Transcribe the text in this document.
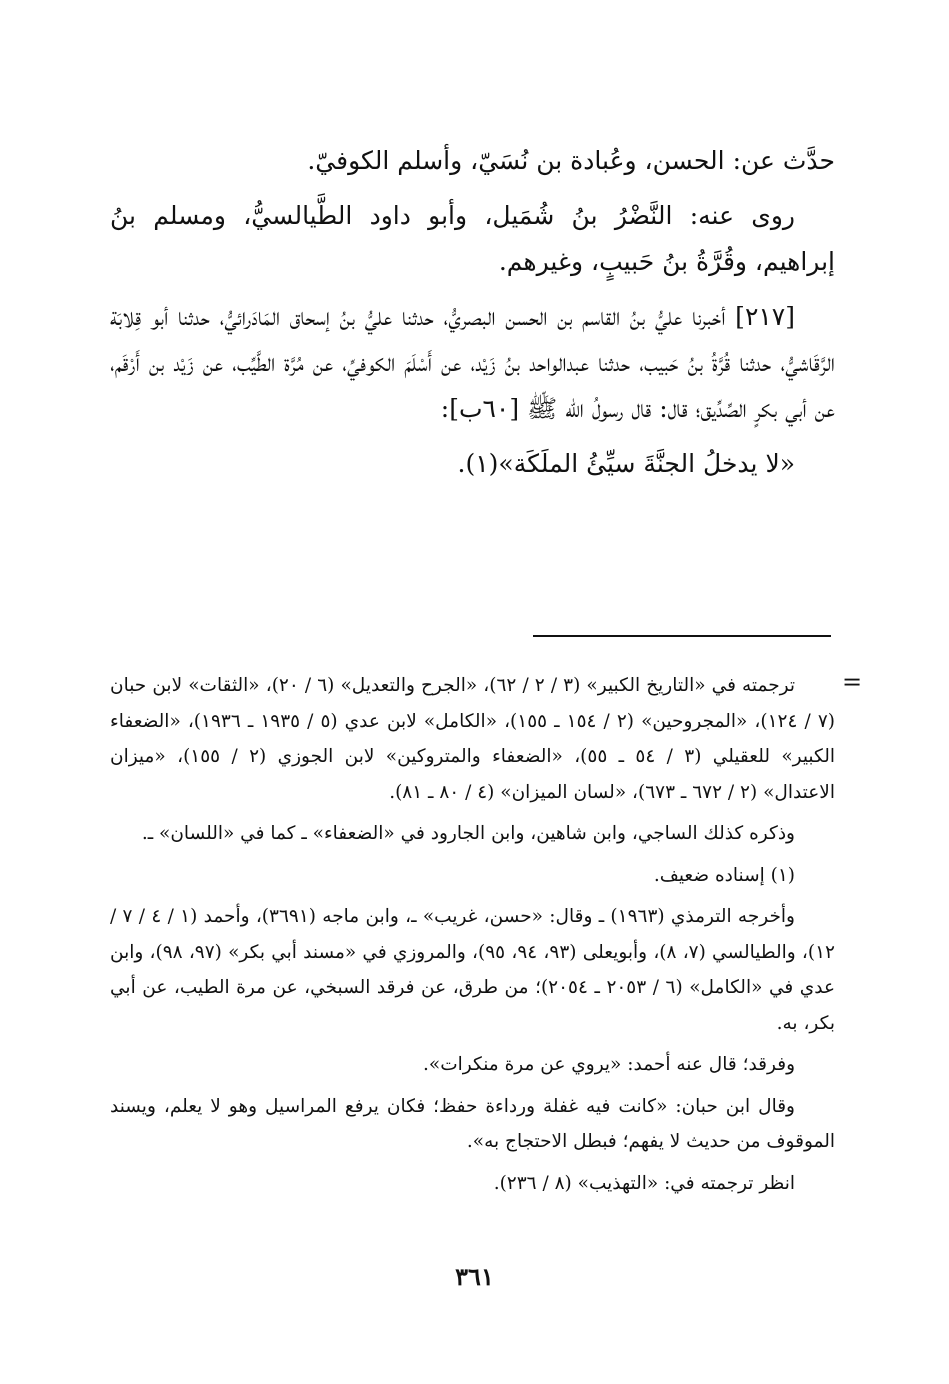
حدَّث عن: الحسن، وعُبادة بن نُسَيّ، وأسلم الكوفيّ.

روى عنه: النَّضْرُ بنُ شُمَيل، وأبو داود الطَّيالسيُّ، ومسلم بنُ إبراهيم، وقُرَّةُ بنُ حَبيبٍ، وغيرهم.

[٢١٧] أخبرنا عليُّ بنُ القاسم بن الحسن البصريُّ، حدثنا عليُّ بنُ إسحاق المَادَرائيُّ، حدثنا أبو قِلابَة الرَّقَاشيُّ، حدثنا قُرَّةُ بنُ حَبيب، حدثنا عبدالواحد بنُ زَيْد، عن أَسْلَمَ الكوفيِّ، عن مُرَّة الطَّيِّب، عن زَيْد بن أَرْقَم، عن أبي بكرٍ الصِّدِّيق؛ قال: قال رسولُ الله ﷺ [٦٠ب]:

«لا يدخلُ الجنَّةَ سيِّئُ الملَكَة»(١).

=

ترجمته في «التاريخ الكبير» (٣ / ٢ / ٦٢)، «الجرح والتعديل» (٦ / ٢٠)، «الثقات» لابن حبان (٧ / ١٢٤)، «المجروحين» (٢ / ١٥٤ ـ ١٥٥)، «الكامل» لابن عدي (٥ / ١٩٣٥ ـ ١٩٣٦)، «الضعفاء الكبير» للعقيلي (٣ / ٥٤ ـ ٥٥)، «الضعفاء والمتروكين» لابن الجوزي (٢ / ١٥٥)، «ميزان الاعتدال» (٢ / ٦٧٢ ـ ٦٧٣)، «لسان الميزان» (٤ / ٨٠ ـ ٨١).

وذكره كذلك الساجي، وابن شاهين، وابن الجارود في «الضعفاء» ـ كما في «اللسان» ـ.

(١) إسناده ضعيف.

وأخرجه الترمذي (١٩٦٣) ـ وقال: «حسن، غريب» ـ، وابن ماجه (٣٦٩١)، وأحمد (١ / ٤ / ٧ / ١٢)، والطيالسي (٧، ٨)، وأبويعلى (٩٣، ٩٤، ٩٥)، والمروزي في «مسند أبي بكر» (٩٧، ٩٨)، وابن عدي في «الكامل» (٦ / ٢٠٥٣ ـ ٢٠٥٤)؛ من طرق، عن فرقد السبخي، عن مرة الطيب، عن أبي بكر، به.

وفرقد؛ قال عنه أحمد: «يروي عن مرة منكرات».

وقال ابن حبان: «كانت فيه غفلة ورداءة حفظ؛ فكان يرفع المراسيل وهو لا يعلم، ويسند الموقوف من حديث لا يفهم؛ فبطل الاحتجاج به».

انظر ترجمته في: «التهذيب» (٨ / ٢٣٦).

٣٦١
